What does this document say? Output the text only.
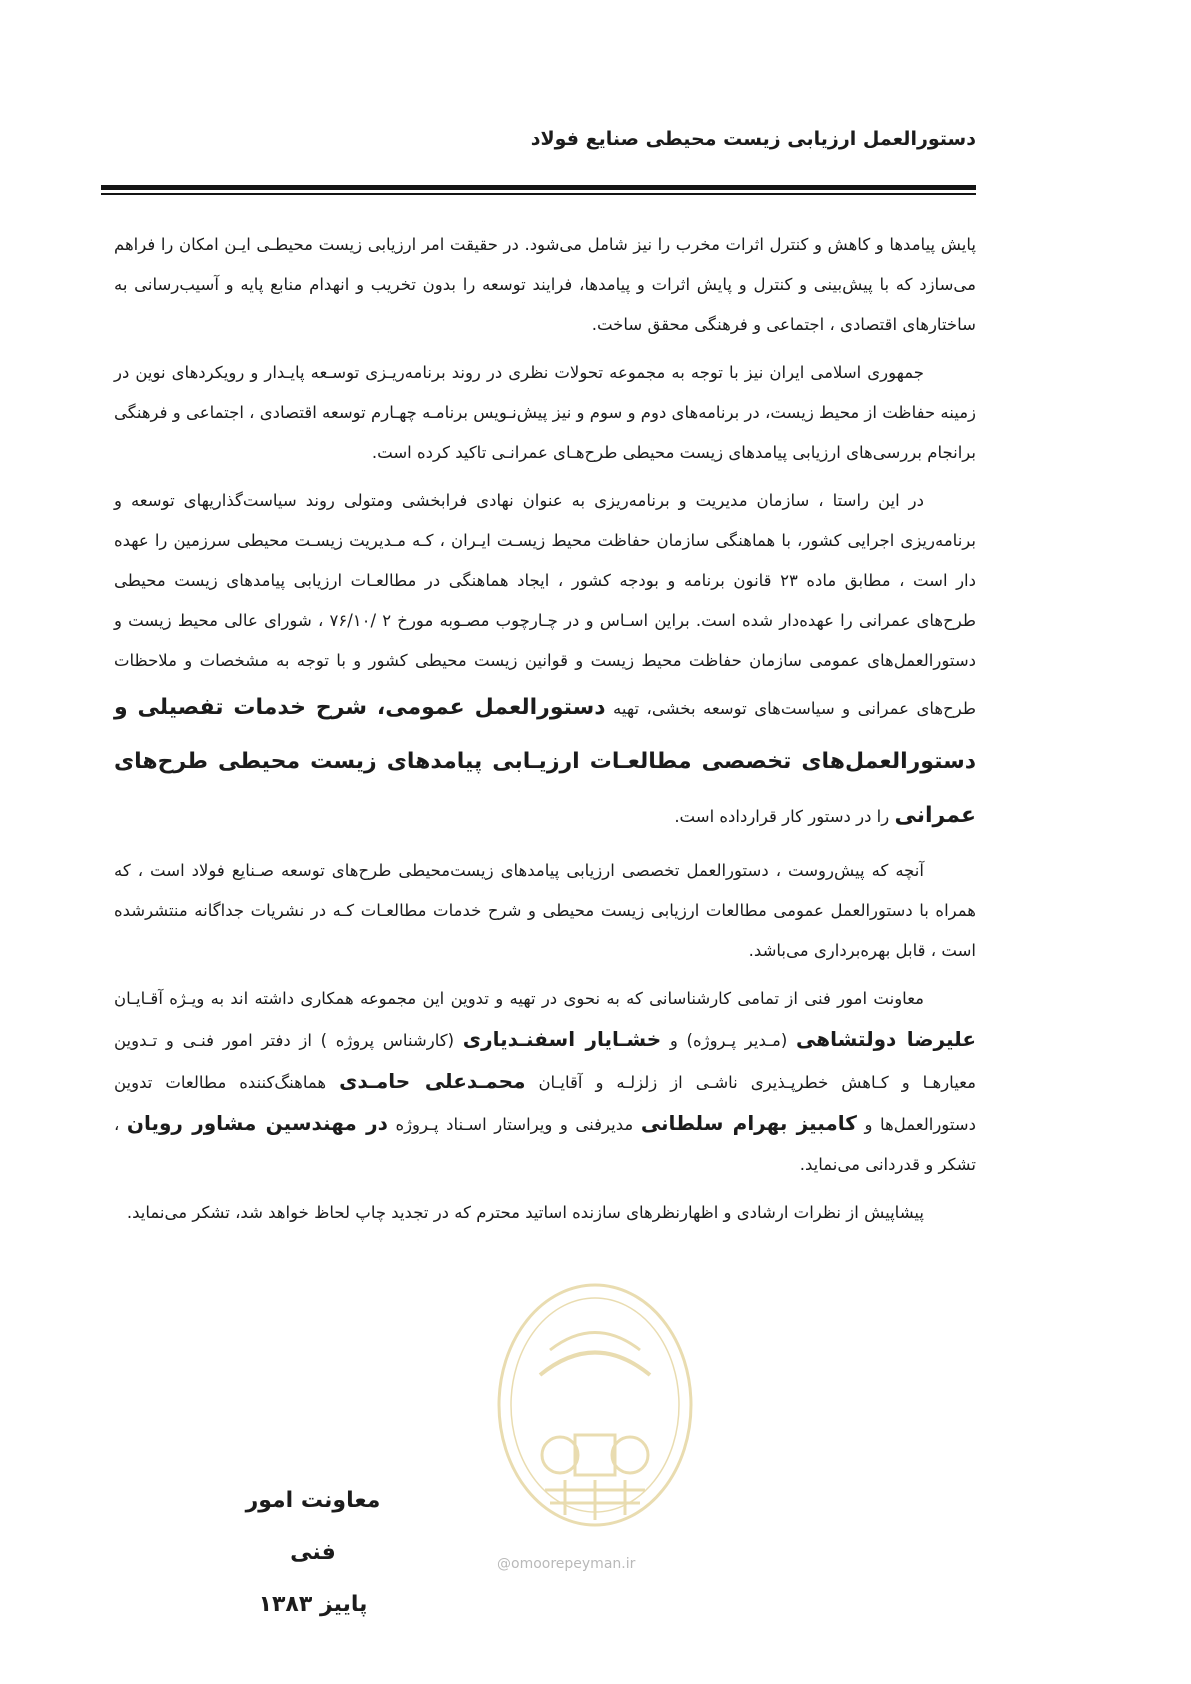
دستورالعمل ارزیابی زیست محیطی صنایع فولاد

پایش پیامدها و کاهش و کنترل اثرات مخرب را نیز شامل می‌شود. در حقیقت امر ارزیابی زیست محیطـی ایـن امکان را فراهم می‌سازد که با پیش‌بینی و کنترل و پایش اثرات و پیامدها، فرایند توسعه را بدون تخریب و انهدام منابع پایه و آسیب‌رسانی به ساختارهای اقتصادی ، اجتماعی و فرهنگی محقق ساخت.

جمهوری اسلامی ایران نیز با توجه به مجموعه تحولات نظری در روند برنامه‌ریـزی توسـعه پایـدار و رویکردهای نوین در زمینه حفاظت از محیط زیست، در برنامه‌های دوم و سوم و نیز پیش‌نـویس برنامـه چهـارم توسعه اقتصادی ، اجتماعی و فرهنگی برانجام بررسی‌های ارزیابی پیامدهای زیست محیطی طرح‌هـای عمرانـی تاکید کرده است.

در این راستا ، سازمان مدیریت و برنامه‌ریزی به عنوان نهادی فرابخشی ومتولی روند سیاست‌گذاریهای توسعه و برنامه‌ریزی اجرایی کشور، با هماهنگی سازمان حفاظت محیط زیسـت ایـران ، کـه مـدیریت زیسـت محیطی سرزمین را عهده دار است ، مطابق ماده ۲۳ قانون برنامه و بودجه کشور ، ایجاد هماهنگی در مطالعـات ارزیابی پیامدهای زیست محیطی طرح‌های عمرانی را عهده‌دار شده است. براین اسـاس و در چـارچوب مصـوبه مورخ ۲ /۷۶/۱۰ ، شورای عالی محیط زیست و دستورالعمل‌های عمومی سازمان حفاظت محیط زیست و قوانین زیست محیطی کشور و با توجه به مشخصات و ملاحظات طرح‌های عمرانی و سیاست‌های توسعه بخشی، تهیه دستورالعمل عمومی، شرح خدمات تفصیلی و دستورالعمل‌های تخصصی مطالعـات ارزیـابی پیامدهای زیست محیطی طرح‌های عمرانی را در دستور کار قرارداده است.

آنچه که پیش‌روست ، دستورالعمل تخصصی ارزیابی پیامدهای زیست‌محیطی طرح‌های توسعه صـنایع فولاد است ، که همراه با دستورالعمل عمومی مطالعات ارزیابی زیست محیطی و شرح خدمات مطالعـات کـه در نشریات جداگانه منتشرشده است ، قابل بهره‌برداری می‌باشد.

معاونت امور فنی از تمامی کارشناسانی که به نحوی در تهیه و تدوین این مجموعه همکاری داشته اند به ویـژه آقـایـان علیرضا دولتشاهی (مـدیر پـروژه) و خشـایار اسفنـدیاری (کارشناس پروژه ) از دفتر امور فنـی و تـدوین معیارهـا و کـاهش خطرپـذیری ناشـی از زلزلـه و آقایـان محمـدعلی حامـدی هماهنگ‌کننده مطالعات تدوین دستورالعمل‌ها و کامبیز بهرام سلطانی مدیرفنی و ویراستار اسـناد پـروژه در مهندسین مشاور رویان ، تشکر و قدردانی می‌نماید.

پیشاپیش از نظرات ارشادی و اظهارنظرهای سازنده اساتید محترم که در تجدید چاپ لحاظ خواهد شد، تشکر می‌نماید.

معاونت امور فنی
پاییز ۱۳۸۳
@omoorepeyman.ir
